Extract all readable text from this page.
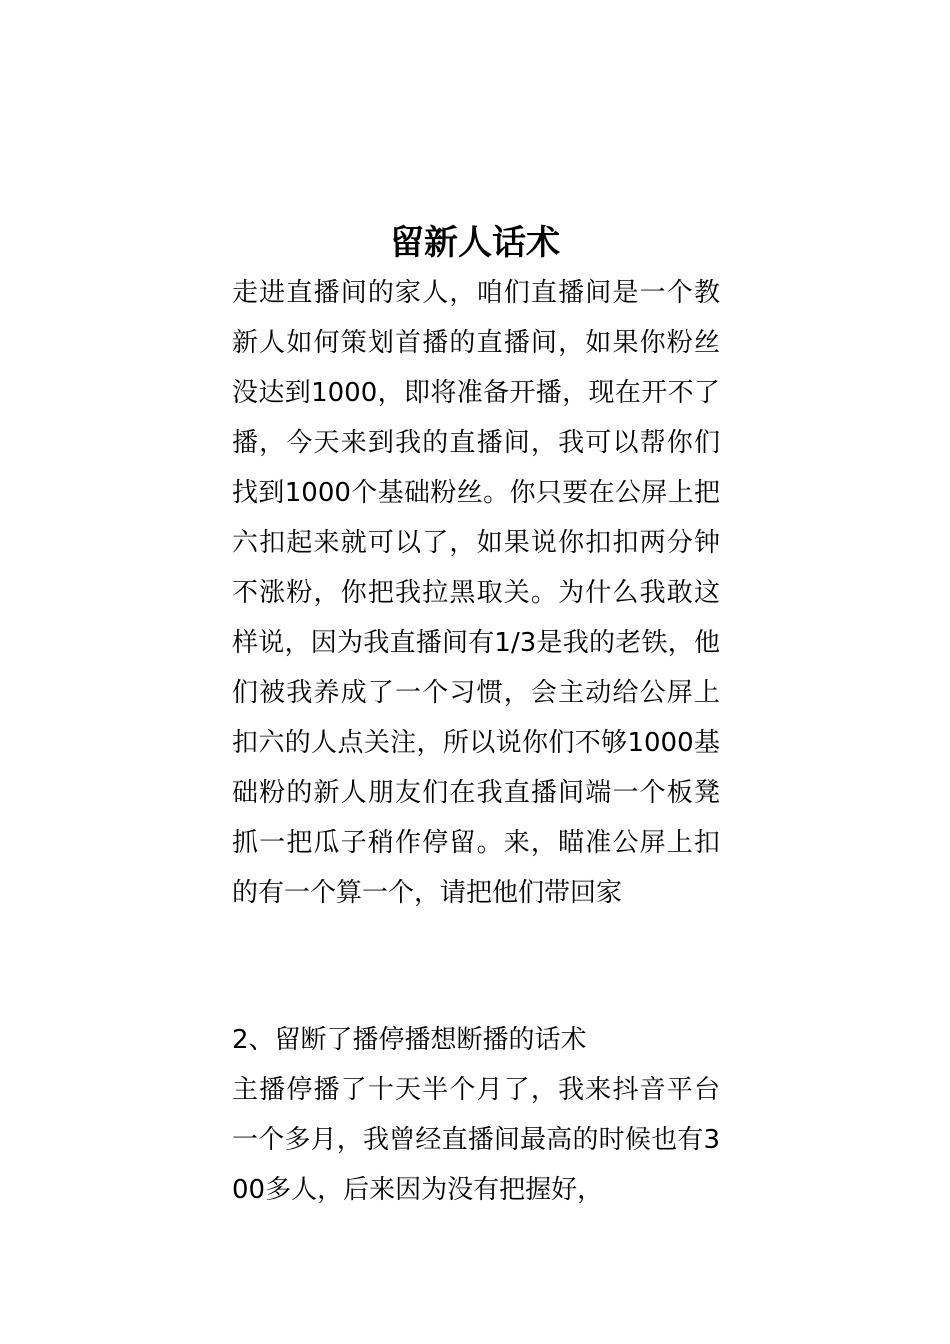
留新人话术

走进直播间的家人，咱们直播间是一个教新人如何策划首播的直播间，如果你粉丝没达到1000，即将准备开播，现在开不了播，今天来到我的直播间，我可以帮你们找到1000个基础粉丝。你只要在公屏上把六扣起来就可以了，如果说你扣扣两分钟不涨粉，你把我拉黑取关。为什么我敢这样说，因为我直播间有1/3是我的老铁，他们被我养成了一个习惯，会主动给公屏上扣六的人点关注，所以说你们不够1000基础粉的新人朋友们在我直播间端一个板凳抓一把瓜子稍作停留。来，瞄准公屏上扣的有一个算一个，请把他们带回家

2、留断了播停播想断播的话术

主播停播了十天半个月了，我来抖音平台一个多月，我曾经直播间最高的时候也有300多人，后来因为没有把握好，
